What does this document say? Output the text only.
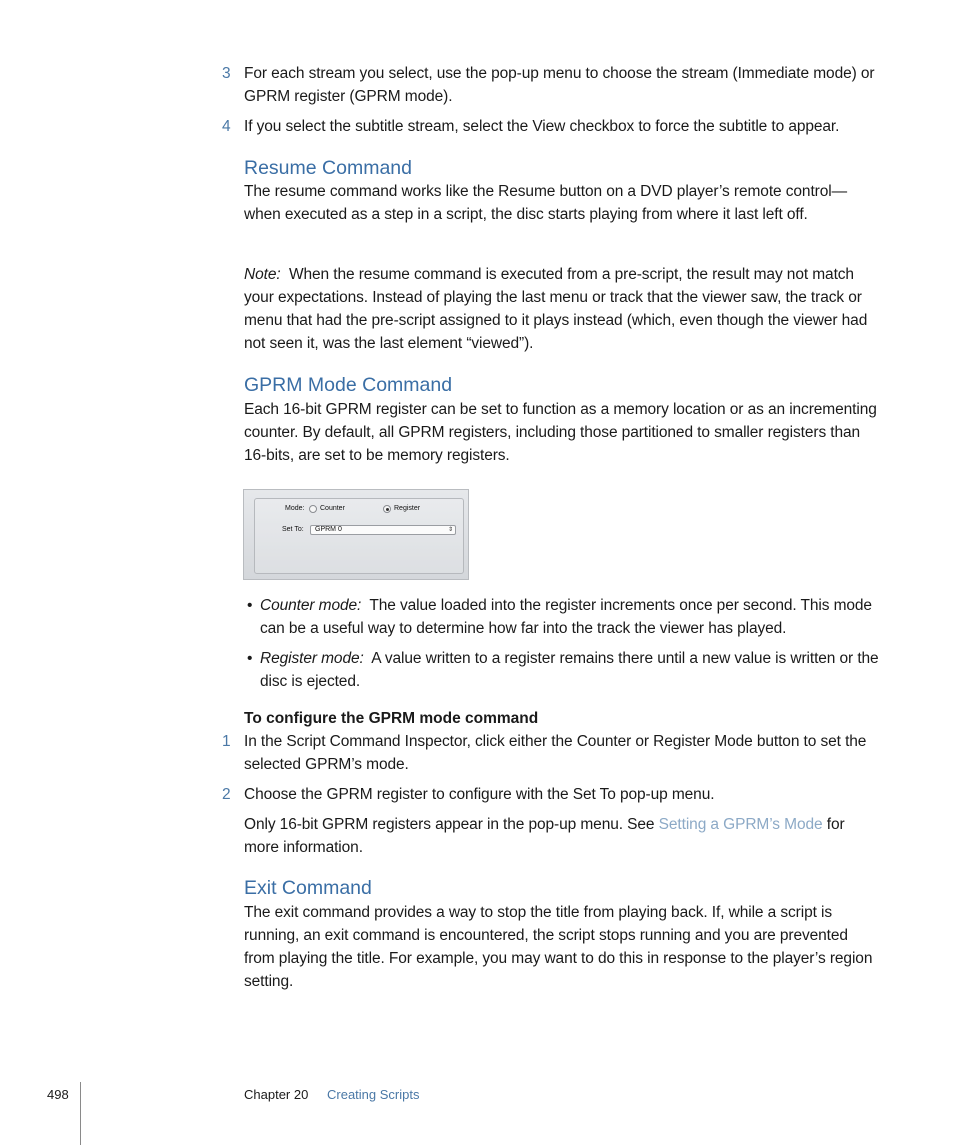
3 For each stream you select, use the pop-up menu to choose the stream (Immediate mode) or GPRM register (GPRM mode).
4 If you select the subtitle stream, select the View checkbox to force the subtitle to appear.
Resume Command
The resume command works like the Resume button on a DVD player’s remote control—when executed as a step in a script, the disc starts playing from where it last left off.
Note: When the resume command is executed from a pre-script, the result may not match your expectations. Instead of playing the last menu or track that the viewer saw, the track or menu that had the pre-script assigned to it plays instead (which, even though the viewer had not seen it, was the last element “viewed”).
GPRM Mode Command
Each 16-bit GPRM register can be set to function as a memory location or as an incrementing counter. By default, all GPRM registers, including those partitioned to smaller registers than 16-bits, are set to be memory registers.
Mode: Counter	Register
Set To: GPRM 0	⇕
• Counter mode: The value loaded into the register increments once per second. This mode can be a useful way to determine how far into the track the viewer has played.
• Register mode: A value written to a register remains there until a new value is written or the disc is ejected.
To configure the GPRM mode command
1 In the Script Command Inspector, click either the Counter or Register Mode button to set the selected GPRM’s mode.
2 Choose the GPRM register to configure with the Set To pop-up menu.
Only 16-bit GPRM registers appear in the pop-up menu. See Setting a GPRM’s Mode for more information.
Exit Command
The exit command provides a way to stop the title from playing back. If, while a script is running, an exit command is encountered, the script stops running and you are prevented from playing the title. For example, you may want to do this in response to the player’s region setting.
498	Chapter 20 Creating Scripts
